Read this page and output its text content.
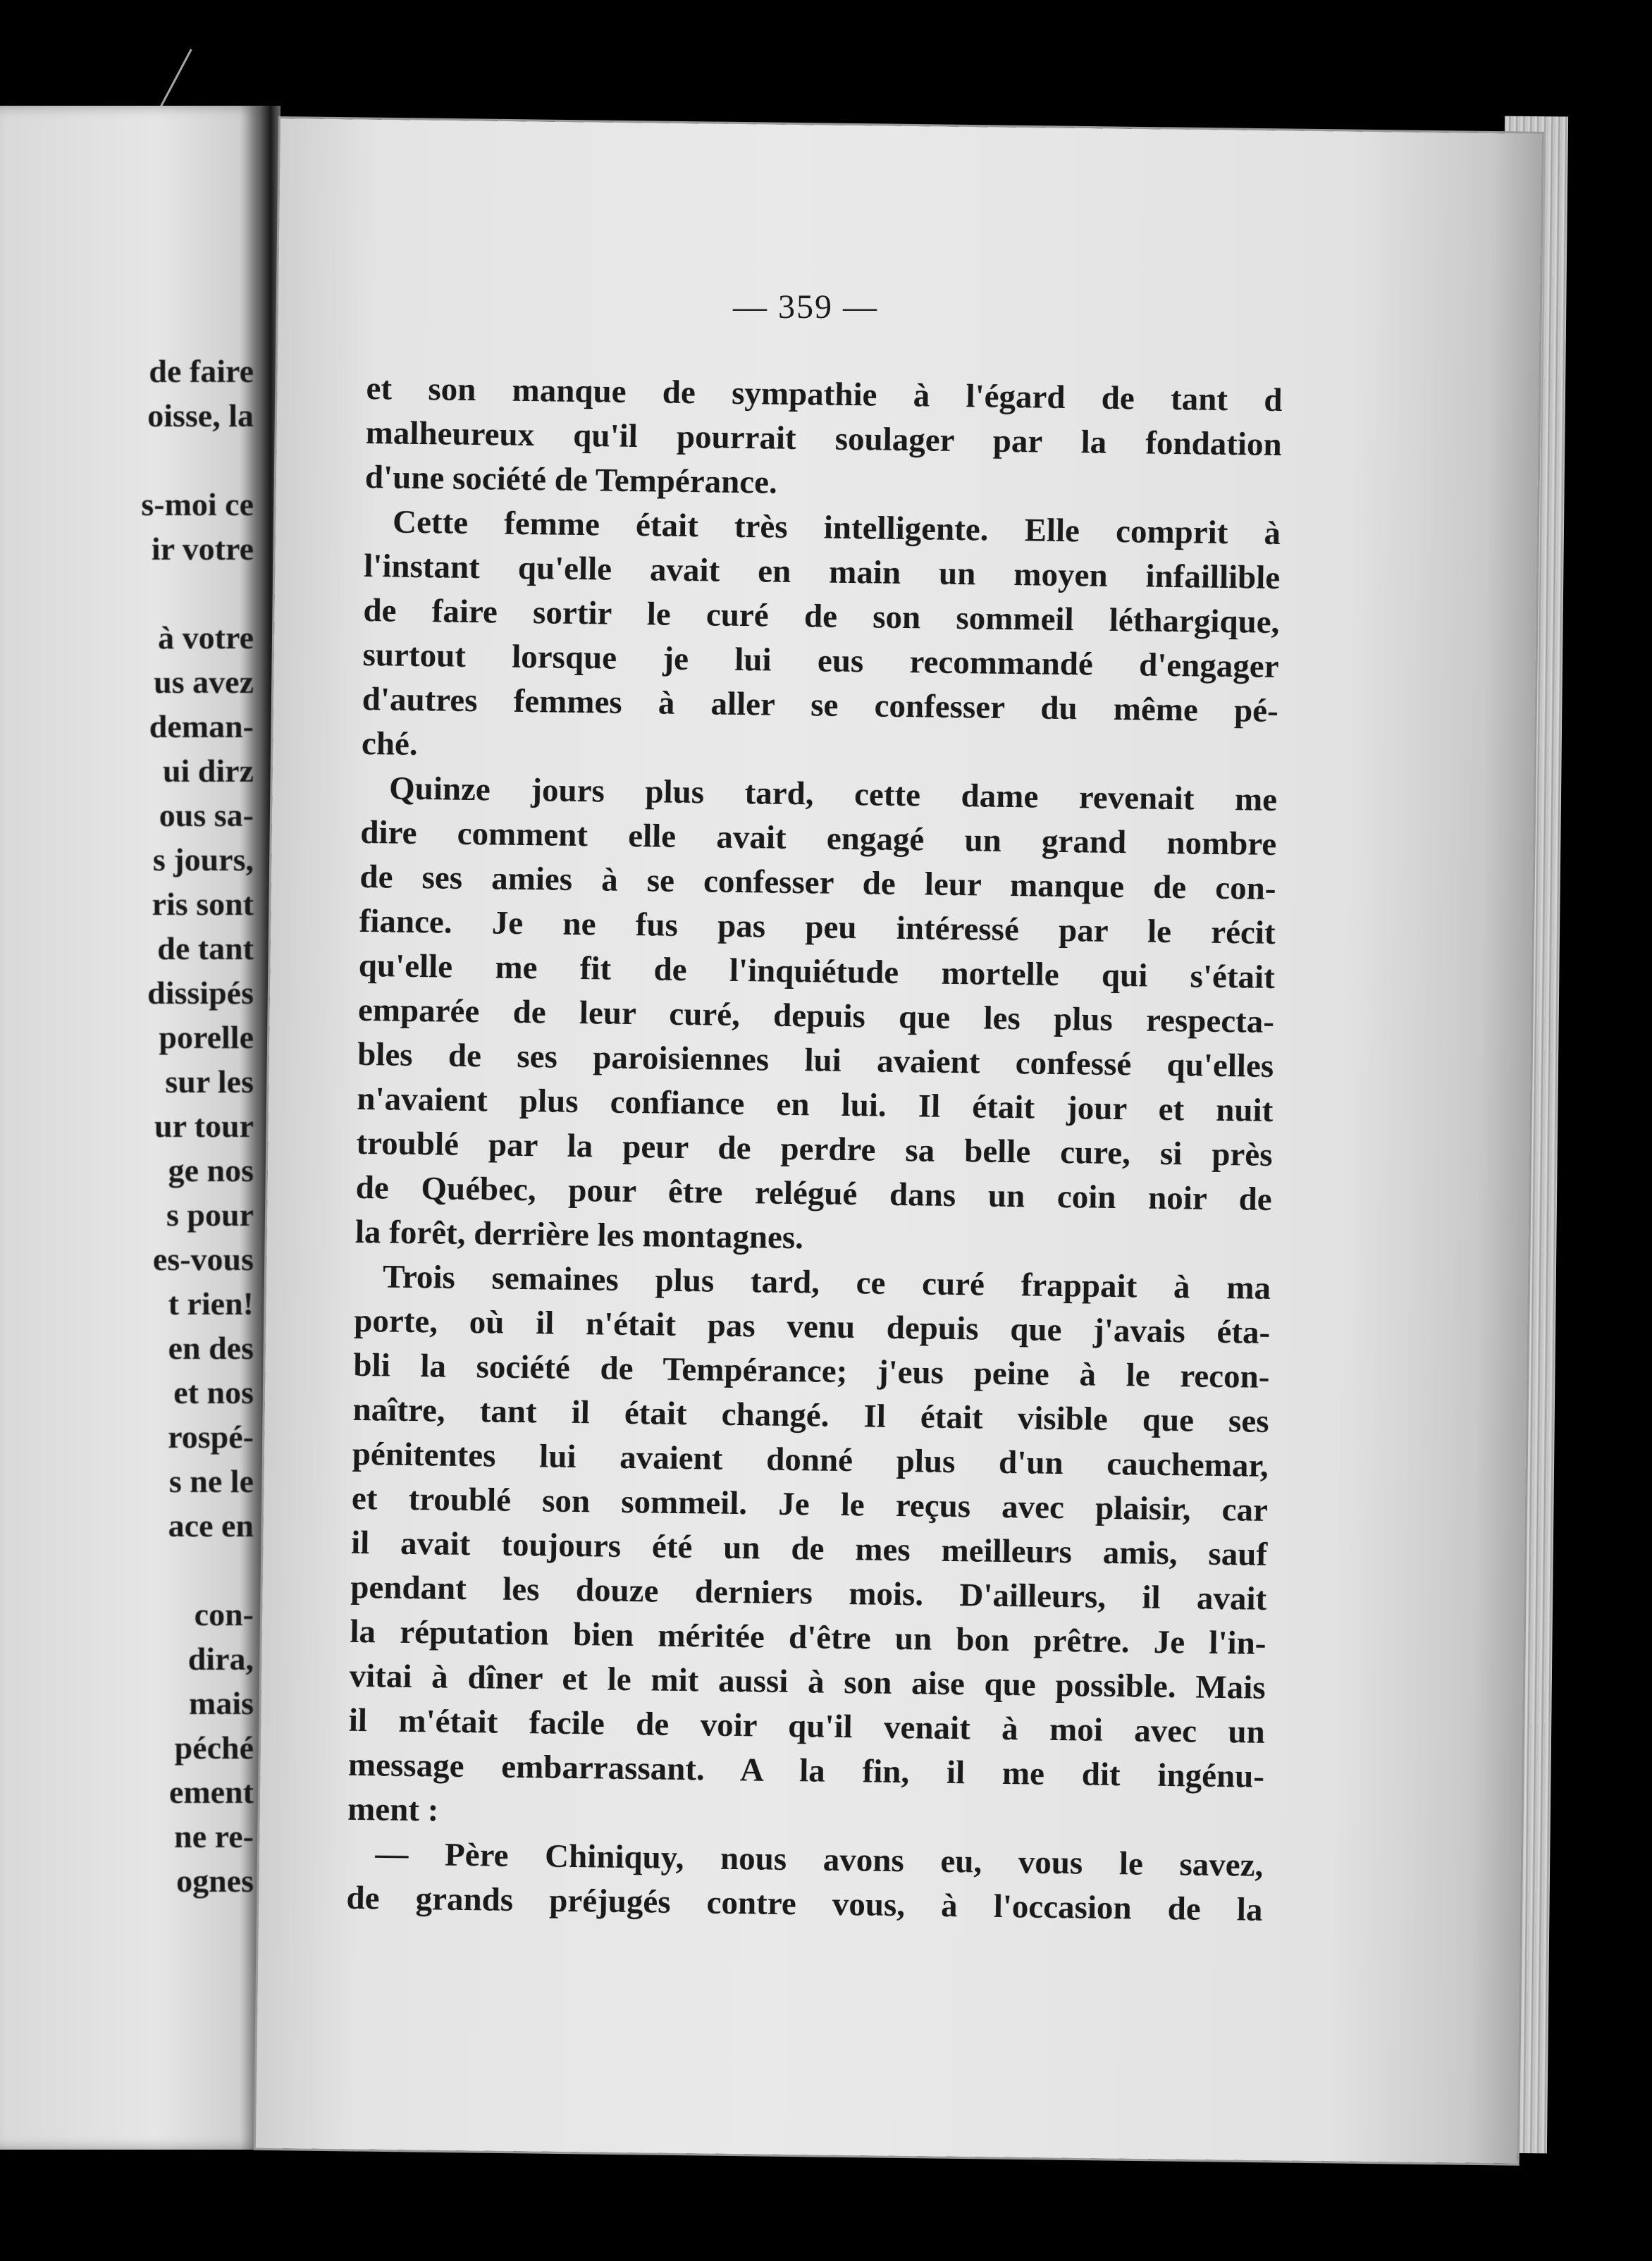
de faire
oisse, la
s-moi ce
ir votre
à votre
us avez
deman-
ui dirz
ous sa-
s jours,
ris sont
de tant
dissipés
porelle
sur les
ur tour
ge nos
s pour
es-vous
t rien!
en des
et nos
rospé-
s ne le
ace en
con-
dira,
mais
péché
ement
ne re-
ognes
— 359 —
et son manque de sympathie à l'égard de tant d
malheureux qu'il pourrait soulager par la fondation
d'une société de Tempérance.
Cette femme était très intelligente. Elle comprit à
l'instant qu'elle avait en main un moyen infaillible
de faire sortir le curé de son sommeil léthargique,
surtout lorsque je lui eus recommandé d'engager
d'autres femmes à aller se confesser du même pé-
ché.
Quinze jours plus tard, cette dame revenait me
dire comment elle avait engagé un grand nombre
de ses amies à se confesser de leur manque de con-
fiance. Je ne fus pas peu intéressé par le récit
qu'elle me fit de l'inquiétude mortelle qui s'était
emparée de leur curé, depuis que les plus respecta-
bles de ses paroisiennes lui avaient confessé qu'elles
n'avaient plus confiance en lui. Il était jour et nuit
troublé par la peur de perdre sa belle cure, si près
de Québec, pour être relégué dans un coin noir de
la forêt, derrière les montagnes.
Trois semaines plus tard, ce curé frappait à ma
porte, où il n'était pas venu depuis que j'avais éta-
bli la société de Tempérance; j'eus peine à le recon-
naître, tant il était changé. Il était visible que ses
pénitentes lui avaient donné plus d'un cauchemar,
et troublé son sommeil. Je le reçus avec plaisir, car
il avait toujours été un de mes meilleurs amis, sauf
pendant les douze derniers mois. D'ailleurs, il avait
la réputation bien méritée d'être un bon prêtre. Je l'in-
vitai à dîner et le mit aussi à son aise que possible. Mais
il m'était facile de voir qu'il venait à moi avec un
message embarrassant. A la fin, il me dit ingénu-
ment :
— Père Chiniquy, nous avons eu, vous le savez,
de grands préjugés contre vous, à l'occasion de la
